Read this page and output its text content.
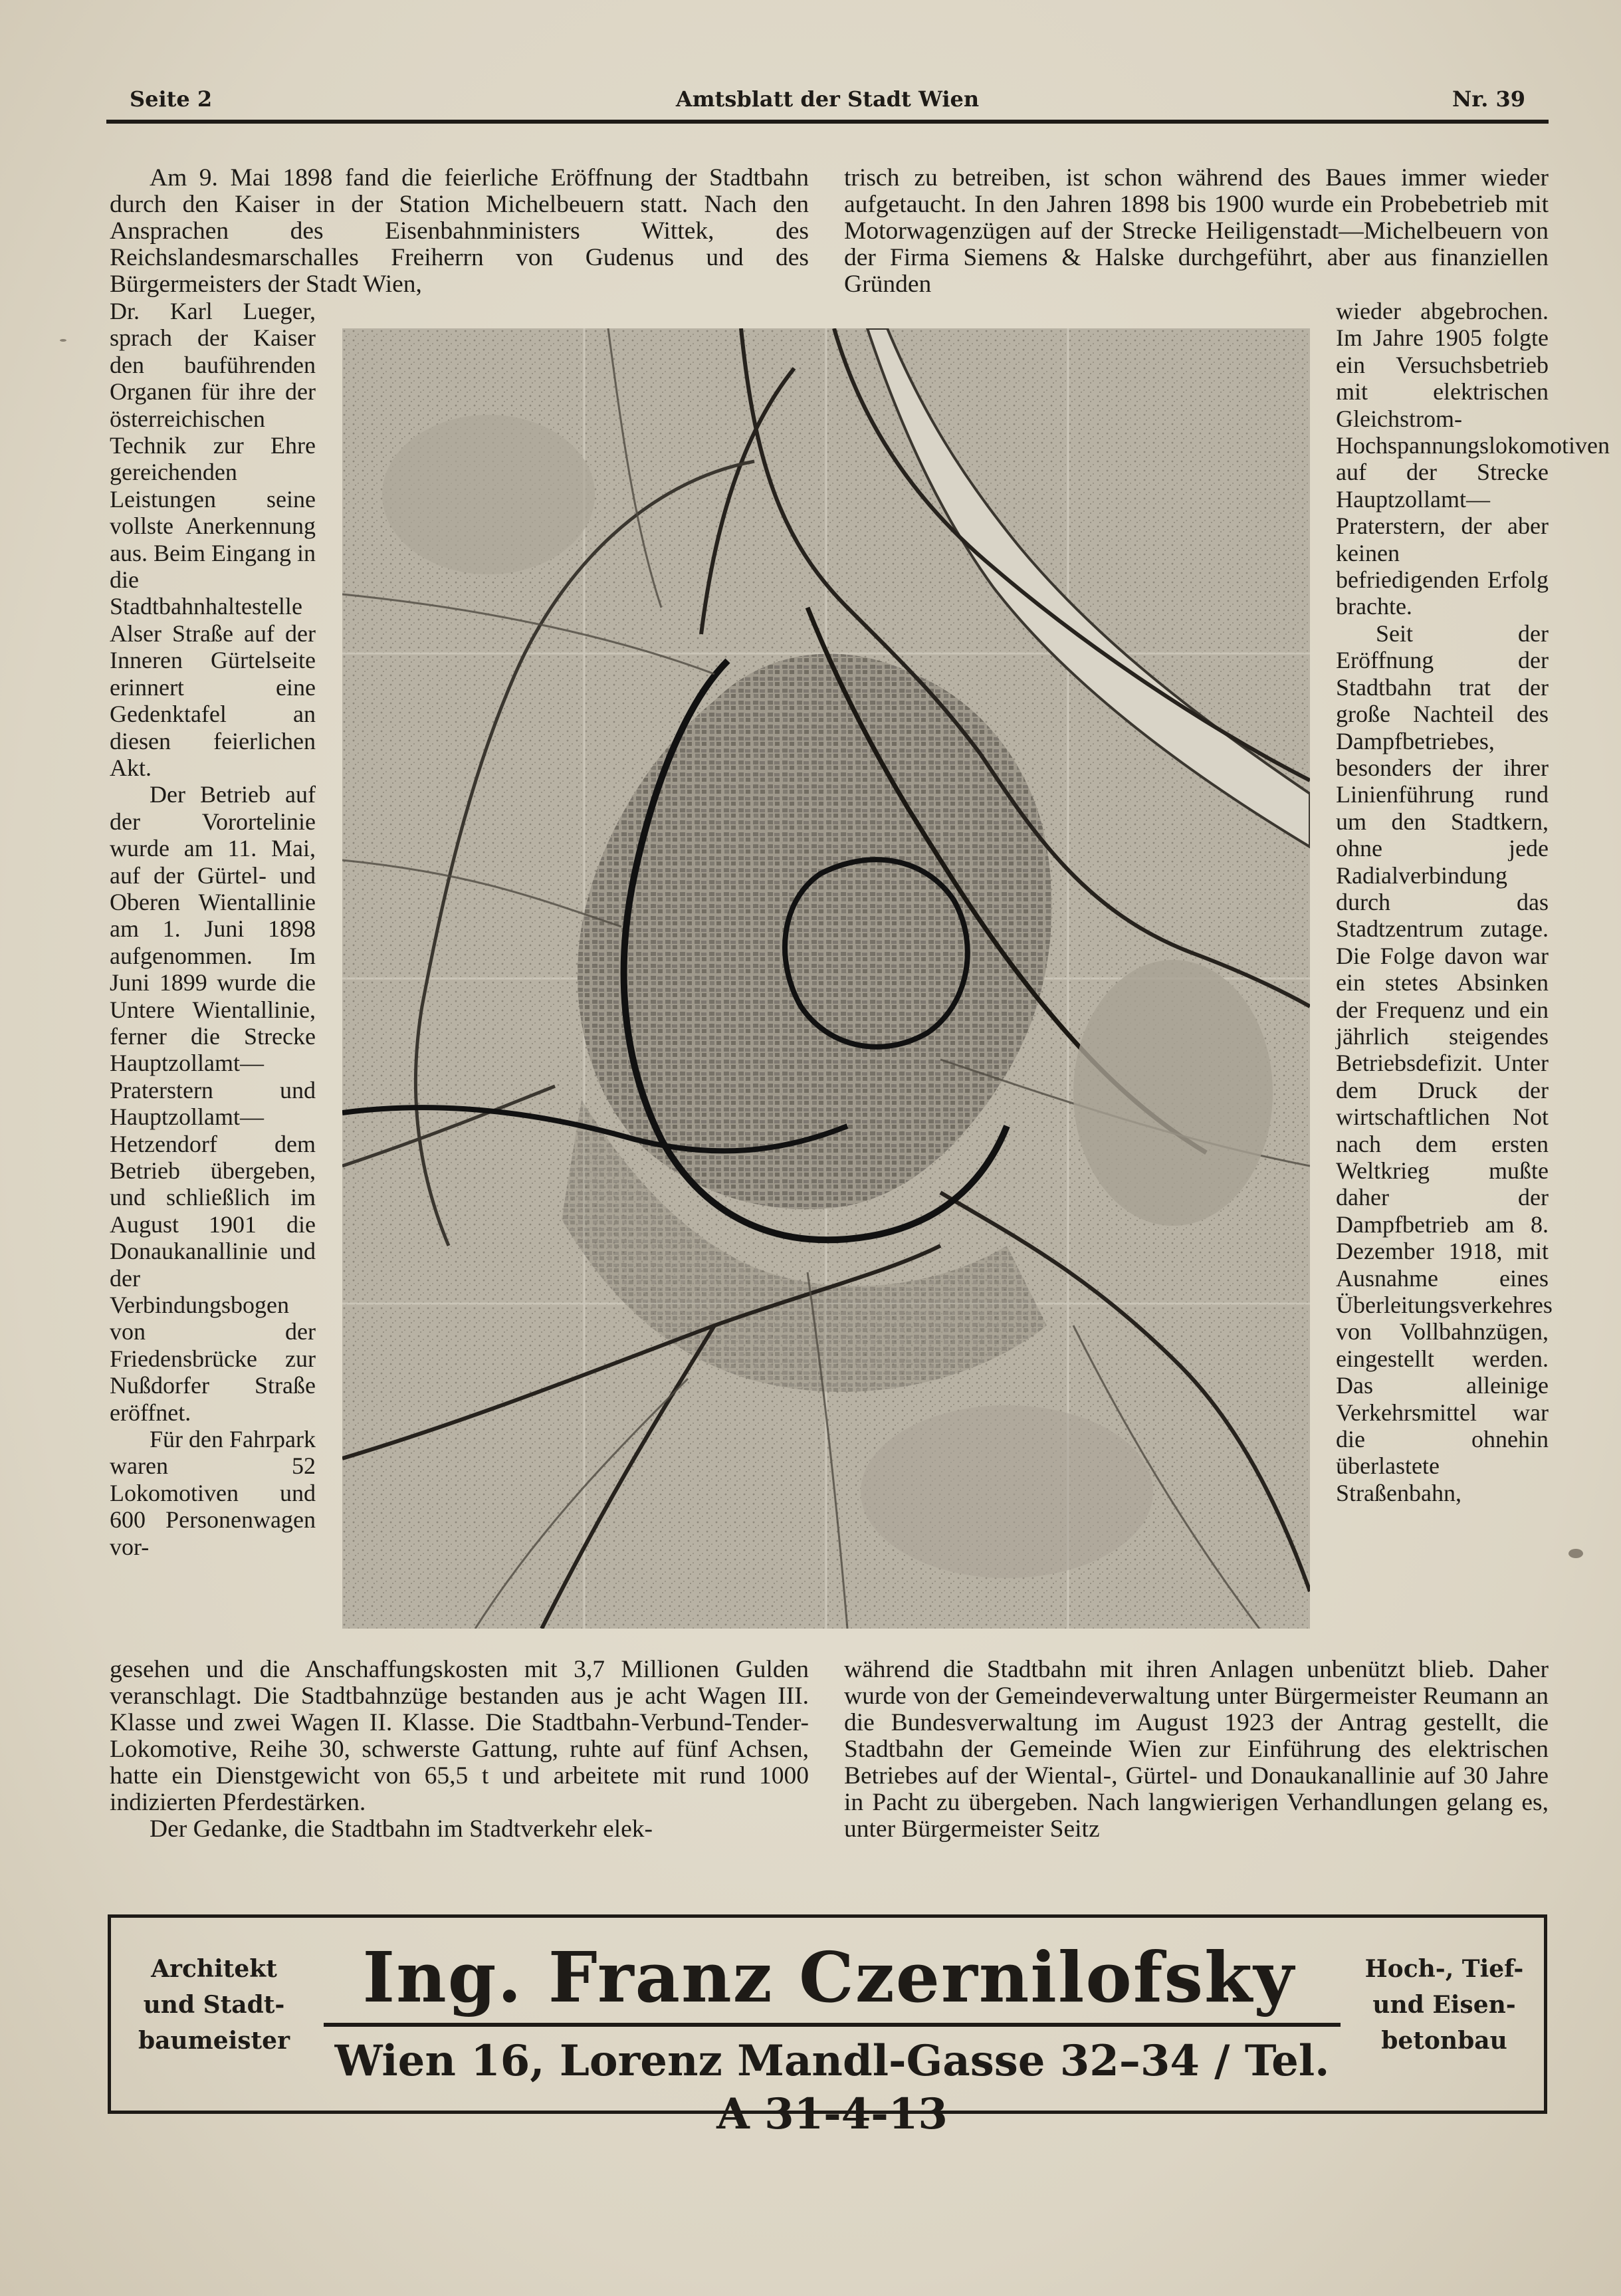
Seite 2	Amtsblatt der Stadt Wien	Nr. 39

Am 9. Mai 1898 fand die feierliche Eröffnung der Stadtbahn durch den Kaiser in der Station Michelbeuern statt. Nach den Ansprachen des Eisenbahnministers Wittek, des Reichslandesmarschalles Freiherrn von Gudenus und des Bürgermeisters der Stadt Wien,

trisch zu betreiben, ist schon während des Baues immer wieder aufgetaucht. In den Jahren 1898 bis 1900 wurde ein Probebetrieb mit Motorwagenzügen auf der Strecke Heiligenstadt—Michelbeuern von der Firma Siemens & Halske durchgeführt, aber aus finanziellen Gründen

Dr. Karl Lueger, sprach der Kaiser den bauführenden Organen für ihre der österreichischen Technik zur Ehre gereichenden Leistungen seine vollste Anerkennung aus. Beim Eingang in die Stadtbahnhaltestelle Alser Straße auf der Inneren Gürtelseite erinnert eine Gedenktafel an diesen feierlichen Akt.

Der Betrieb auf der Vorortelinie wurde am 11. Mai, auf der Gürtel- und Oberen Wientallinie am 1. Juni 1898 aufgenommen. Im Juni 1899 wurde die Untere Wientallinie, ferner die Strecke Hauptzollamt—Praterstern und Hauptzollamt—Hetzendorf dem Betrieb übergeben, und schließlich im August 1901 die Donaukanallinie und der Verbindungsbogen von der Friedensbrücke zur Nußdorfer Straße eröffnet.

Für den Fahrpark waren 52 Lokomotiven und 600 Personenwagen vor-

wieder abgebrochen. Im Jahre 1905 folgte ein Versuchsbetrieb mit elektrischen Gleichstrom-Hochspannungslokomotiven auf der Strecke Hauptzollamt—Praterstern, der aber keinen befriedigenden Erfolg brachte.

Seit der Eröffnung der Stadtbahn trat der große Nachteil des Dampfbetriebes, besonders der ihrer Linienführung rund um den Stadtkern, ohne jede Radialverbindung durch das Stadtzentrum zutage. Die Folge davon war ein stetes Absinken der Frequenz und ein jährlich steigendes Betriebsdefizit. Unter dem Druck der wirtschaftlichen Not nach dem ersten Weltkrieg mußte daher der Dampfbetrieb am 8. Dezember 1918, mit Ausnahme eines Überleitungsverkehres von Vollbahnzügen, eingestellt werden. Das alleinige Verkehrsmittel war die ohnehin überlastete Straßenbahn,

gesehen und die Anschaffungskosten mit 3,7 Millionen Gulden veranschlagt. Die Stadtbahnzüge bestanden aus je acht Wagen III. Klasse und zwei Wagen II. Klasse. Die Stadtbahn-Verbund-Tender-Lokomotive, Reihe 30, schwerste Gattung, ruhte auf fünf Achsen, hatte ein Dienstgewicht von 65,5 t und arbeitete mit rund 1000 indizierten Pferdestärken.

Der Gedanke, die Stadtbahn im Stadtverkehr elek-

während die Stadtbahn mit ihren Anlagen unbenützt blieb. Daher wurde von der Gemeindeverwaltung unter Bürgermeister Reumann an die Bundesverwaltung im August 1923 der Antrag gestellt, die Stadtbahn der Gemeinde Wien zur Einführung des elektrischen Betriebes auf der Wiental-, Gürtel- und Donaukanallinie auf 30 Jahre in Pacht zu übergeben. Nach langwierigen Verhandlungen gelang es, unter Bürgermeister Seitz

Architekt
und Stadt-
baumeister
Ing. Franz Czernilofsky
Wien 16, Lorenz Mandl-Gasse 32–34 / Tel. A 31-4-13
Hoch-, Tief-
und Eisen-
betonbau
